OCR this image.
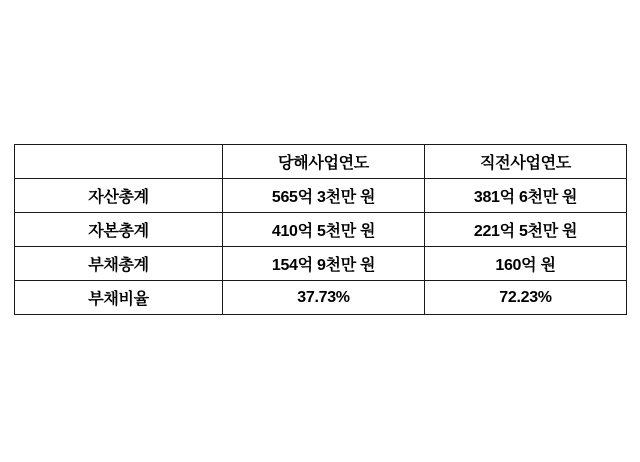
	당해사업연도	직전사업연도
자산총계	565억 3천만 원	381억 6천만 원
자본총계	410억 5천만 원	221억 5천만 원
부채총계	154억 9천만 원	160억 원
부채비율	37.73%	72.23%
